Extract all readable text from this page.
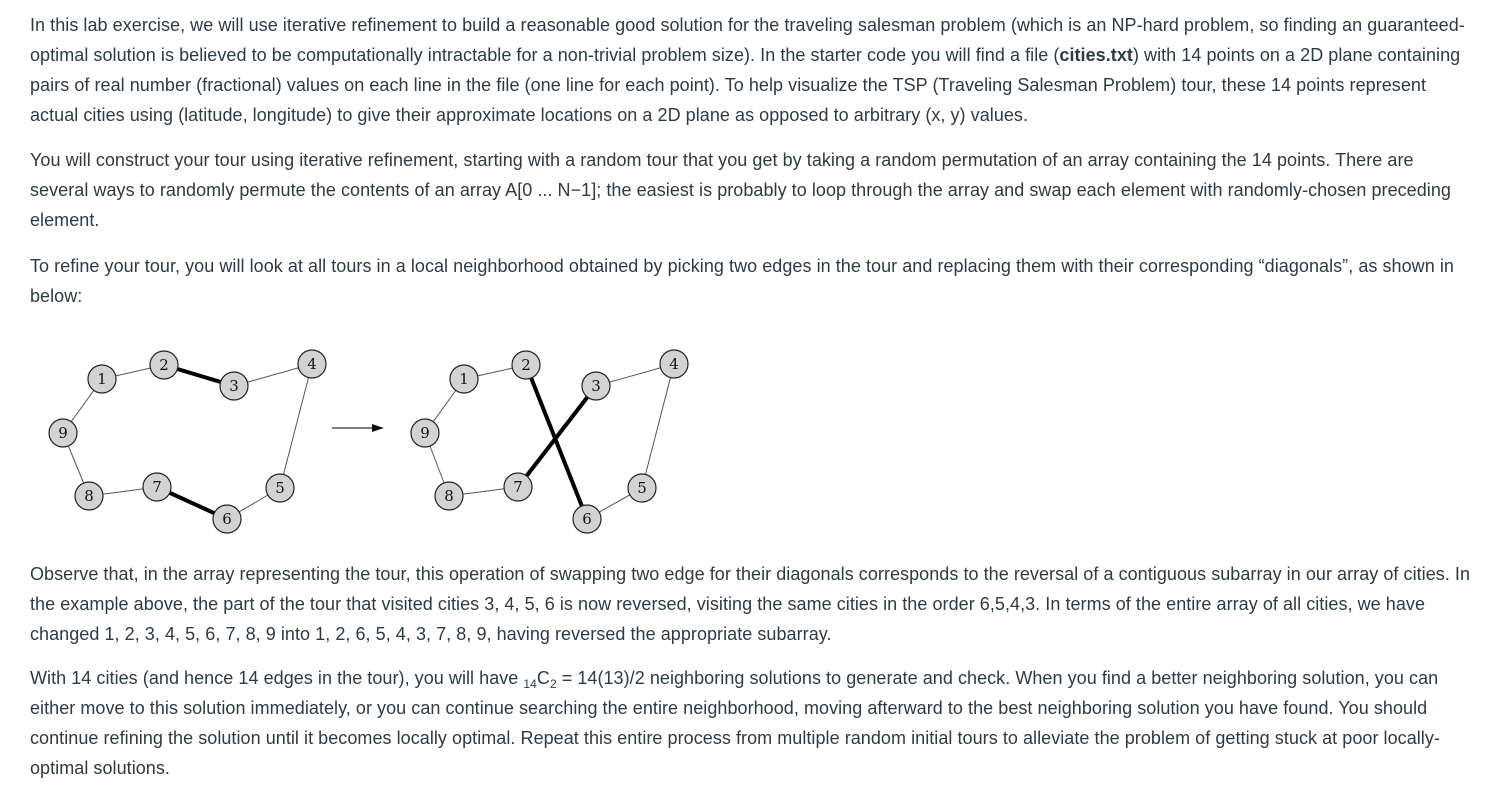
In this lab exercise, we will use iterative refinement to build a reasonable good solution for the traveling salesman problem (which is an NP-hard problem, so finding an guaranteed-optimal solution is believed to be computationally intractable for a non-trivial problem size). In the starter code you will find a file (cities.txt) with 14 points on a 2D plane containing pairs of real number (fractional) values on each line in the file (one line for each point). To help visualize the TSP (Traveling Salesman Problem) tour, these 14 points represent actual cities using (latitude, longitude) to give their approximate locations on a 2D plane as opposed to arbitrary (x, y) values.

You will construct your tour using iterative refinement, starting with a random tour that you get by taking a random permutation of an array containing the 14 points. There are several ways to randomly permute the contents of an array A[0 ... N−1]; the easiest is probably to loop through the array and swap each element with randomly-chosen preceding element.

To refine your tour, you will look at all tours in a local neighborhood obtained by picking two edges in the tour and replacing them with their corresponding “diagonals”, as shown in below:

1
2
3
4
5
6
7
8
9
1
2
3
4
5
6
7
8
9

Observe that, in the array representing the tour, this operation of swapping two edge for their diagonals corresponds to the reversal of a contiguous subarray in our array of cities. In the example above, the part of the tour that visited cities 3, 4, 5, 6 is now reversed, visiting the same cities in the order 6,5,4,3. In terms of the entire array of all cities, we have changed 1, 2, 3, 4, 5, 6, 7, 8, 9 into 1, 2, 6, 5, 4, 3, 7, 8, 9, having reversed the appropriate subarray.

With 14 cities (and hence 14 edges in the tour), you will have $_{14}C_2 = 14(13)/2$ neighboring solutions to generate and check. When you find a better neighboring solution, you can either move to this solution immediately, or you can continue searching the entire neighborhood, moving afterward to the best neighboring solution you have found. You should continue refining the solution until it becomes locally optimal. Repeat this entire process from multiple random initial tours to alleviate the problem of getting stuck at poor locally-optimal solutions.
